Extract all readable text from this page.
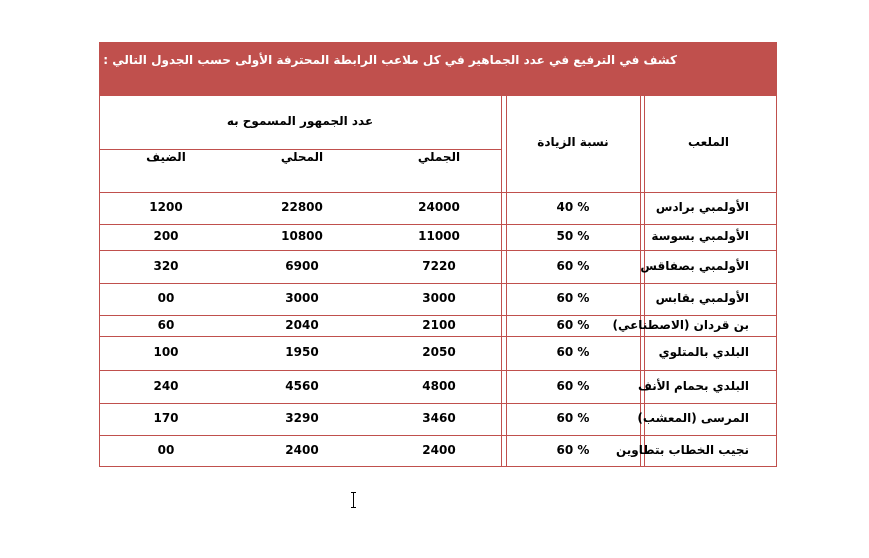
كشف في الترفيع في عدد الجماهير في كل ملاعب الرابطة المحترفة الأولى حسب الجدول التالي :
الملعب
نسبة الزيادة
عدد الجمهور المسموح به
الجملي
المحلي
الضيف
الأولمبي برادس
40 %
24000
22800
1200
الأولمبي بسوسة
50 %
11000
10800
200
الأولمبي بصفاقس
60 %
7220
6900
320
الأولمبي بقابس
60 %
3000
3000
00
بن قردان (الاصطناعي)
60 %
2100
2040
60
البلدي بالمتلوي
60 %
2050
1950
100
البلدي بحمام الأنف
60 %
4800
4560
240
المرسى (المعشب)
60 %
3460
3290
170
نجيب الخطاب بتطاوين
60 %
2400
2400
00
